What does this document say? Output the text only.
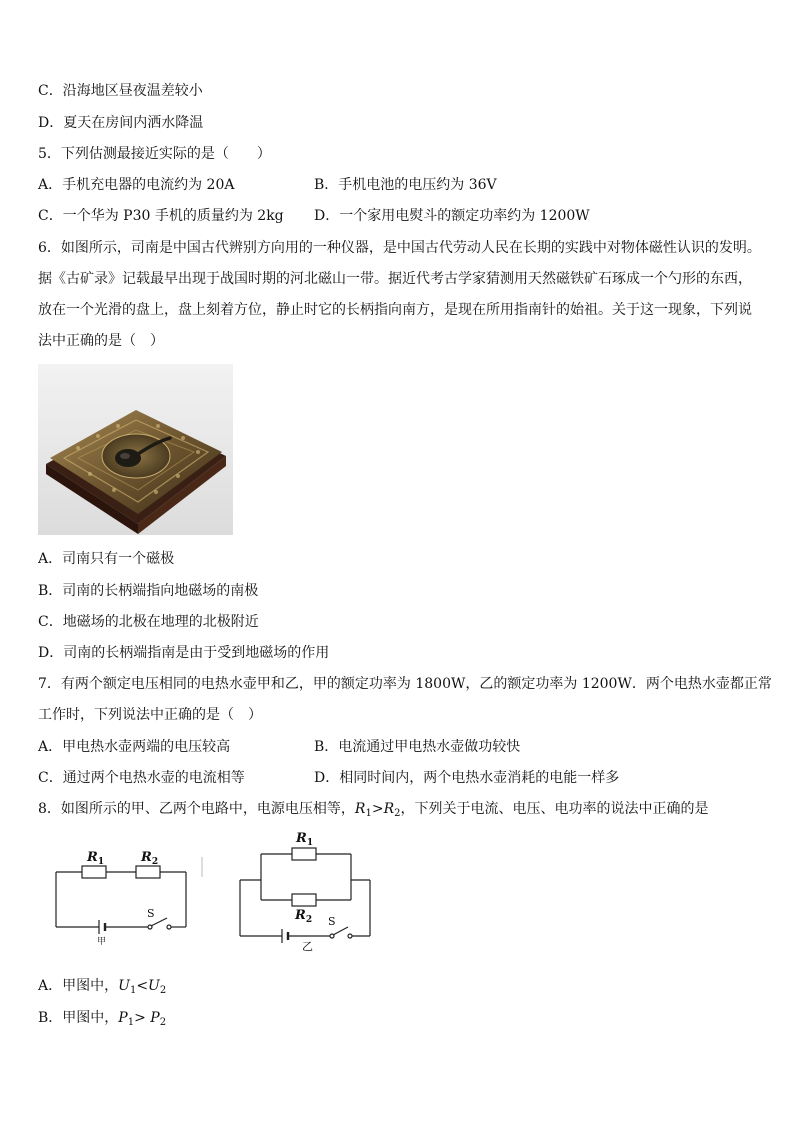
C．沿海地区昼夜温差较小
D．夏天在房间内洒水降温
5．下列估测最接近实际的是（　　）
A．手机充电器的电流约为 20A	B．手机电池的电压约为 36V
C．一个华为 P30 手机的质量约为 2kg D．一个家用电熨斗的额定功率约为 1200W
6．如图所示，司南是中国古代辨别方向用的一种仪器，是中国古代劳动人民在长期的实践中对物体磁性认识的发明。
据《古矿录》记载最早出现于战国时期的河北磁山一带。据近代考古学家猜测用天然磁铁矿石琢成一个勺形的东西，
放在一个光滑的盘上，盘上刻着方位，静止时它的长柄指向南方，是现在所用指南针的始祖。关于这一现象，下列说
法中正确的是（　）
A．司南只有一个磁极
B．司南的长柄端指向地磁场的南极
C．地磁场的北极在地理的北极附近
D．司南的长柄端指南是由于受到地磁场的作用
7．有两个额定电压相同的电热水壶甲和乙，甲的额定功率为 1800W，乙的额定功率为 1200W．两个电热水壶都正常
工作时，下列说法中正确的是（　）
A．甲电热水壶两端的电压较高	B．电流通过甲电热水壶做功较快
C．通过两个电热水壶的电流相等	D．相同时间内，两个电热水壶消耗的电能一样多
8．如图所示的甲、乙两个电路中，电源电压相等，$R_1>R_2$，下列关于电流、电压、电功率的说法中正确的是
$R_1$	$R_2$
S
甲
$R_1$
$R_2$ S
乙
A．甲图中，$U_1<U_2$
B．甲图中，$P_1> P_2$
